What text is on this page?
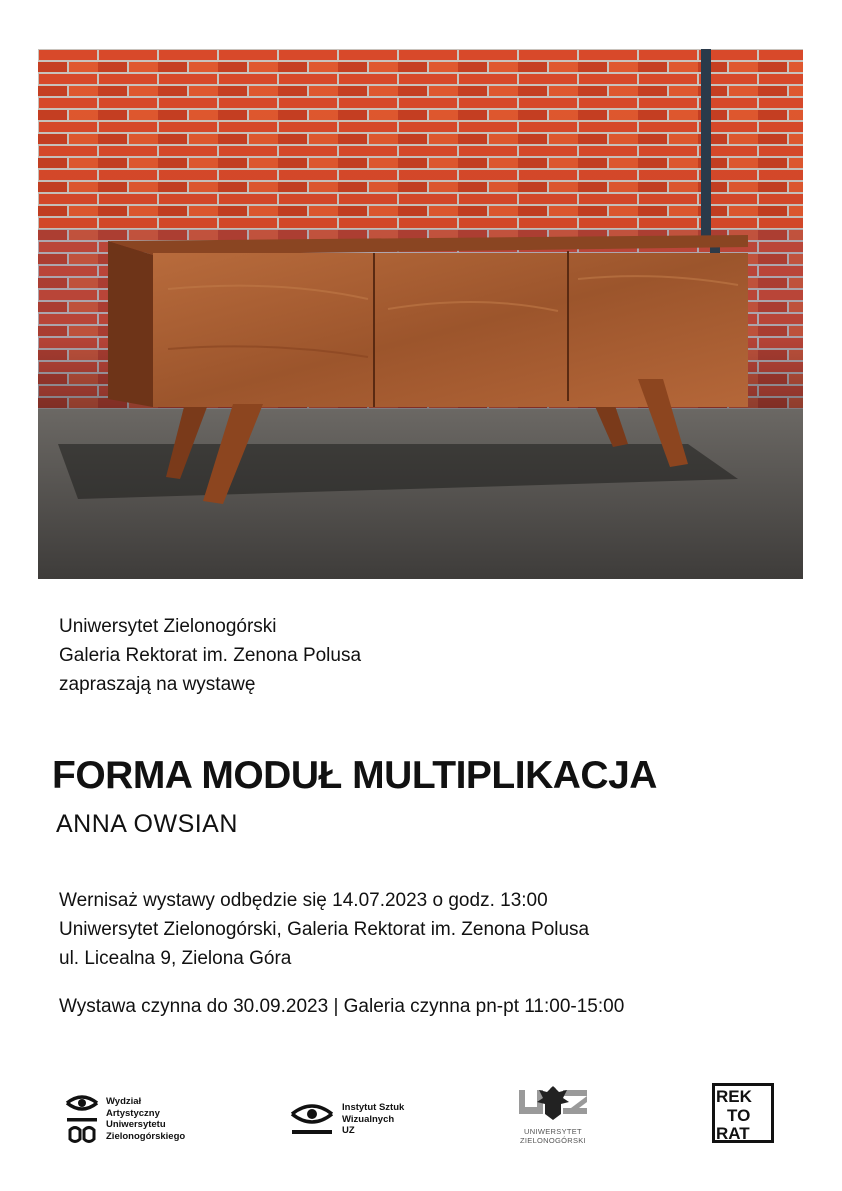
Uniwersytet Zielonogórski
Galeria Rektorat im. Zenona Polusa
zapraszają na wystawę
FORMA MODUŁ MULTIPLIKACJA
ANNA OWSIAN
Wernisaż wystawy odbędzie się 14.07.2023 o godz. 13:00
Uniwersytet Zielonogórski, Galeria Rektorat im. Zenona Polusa
ul. Licealna 9, Zielona Góra
Wystawa czynna do 30.09.2023 | Galeria czynna pn-pt 11:00-15:00
Wydział
Artystyczny
Uniwersytetu
Zielonogórskiego
Instytut Sztuk
Wizualnych
UZ	UNIWERSYTET
ZIELONOGÓRSKI
REK
TO
RAT
